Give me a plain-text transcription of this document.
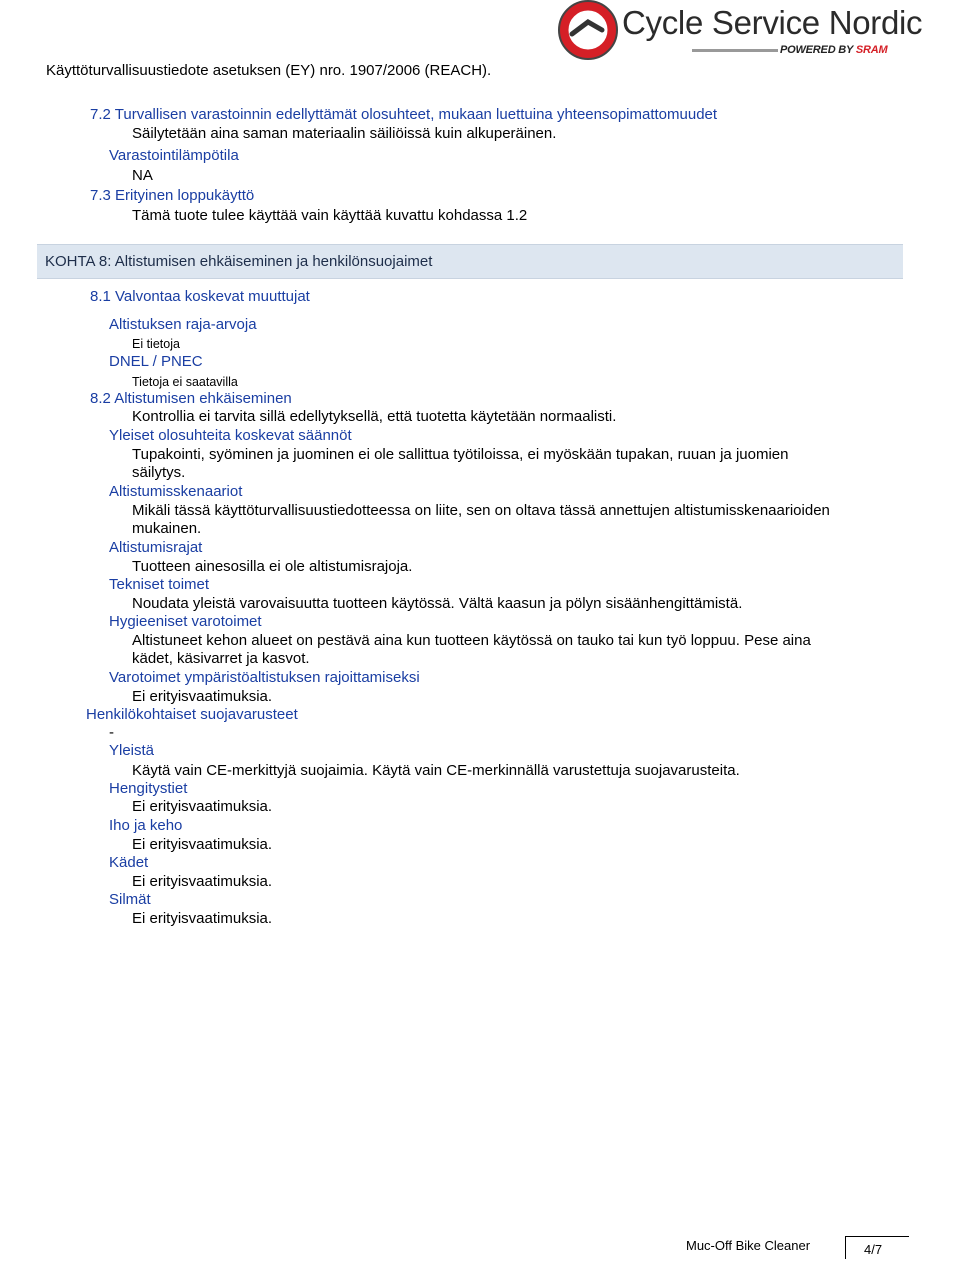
Käyttöturvallisuustiedote asetuksen (EY) nro. 1907/2006 (REACH).
Cycle Service Nordic
POWERED BY SRAM
7.2 Turvallisen varastoinnin edellyttämät olosuhteet, mukaan luettuina yhteensopimattomuudet
Säilytetään aina saman materiaalin säiliöissä kuin alkuperäinen.
Varastointilämpötila
NA
7.3 Erityinen loppukäyttö
Tämä tuote tulee käyttää vain käyttää kuvattu kohdassa 1.2
KOHTA 8: Altistumisen ehkäiseminen ja henkilönsuojaimet
8.1 Valvontaa koskevat muuttujat
Altistuksen raja-arvoja
Ei tietoja
DNEL / PNEC
Tietoja ei saatavilla
8.2 Altistumisen ehkäiseminen
Kontrollia ei tarvita sillä edellytyksellä, että tuotetta käytetään normaalisti.
Yleiset olosuhteita koskevat säännöt
Tupakointi, syöminen ja juominen ei ole sallittua työtiloissa, ei myöskään tupakan, ruuan ja juomien
säilytys.
Altistumisskenaariot
Mikäli tässä käyttöturvallisuustiedotteessa on liite, sen on oltava tässä annettujen altistumisskenaarioiden
mukainen.
Altistumisrajat
Tuotteen ainesosilla ei ole altistumisrajoja.
Tekniset toimet
Noudata yleistä varovaisuutta tuotteen käytössä. Vältä kaasun ja pölyn sisäänhengittämistä.
Hygieeniset varotoimet
Altistuneet kehon alueet on pestävä aina kun tuotteen käytössä on tauko tai kun työ loppuu. Pese aina
kädet, käsivarret ja kasvot.
Varotoimet ympäristöaltistuksen rajoittamiseksi
Ei erityisvaatimuksia.
Henkilökohtaiset suojavarusteet
-
Yleistä
Käytä vain CE-merkittyjä suojaimia. Käytä vain CE-merkinnällä varustettuja suojavarusteita.
Hengitystiet
Ei erityisvaatimuksia.
Iho ja keho
Ei erityisvaatimuksia.
Kädet
Ei erityisvaatimuksia.
Silmät
Ei erityisvaatimuksia.
Muc-Off Bike Cleaner	4/7
